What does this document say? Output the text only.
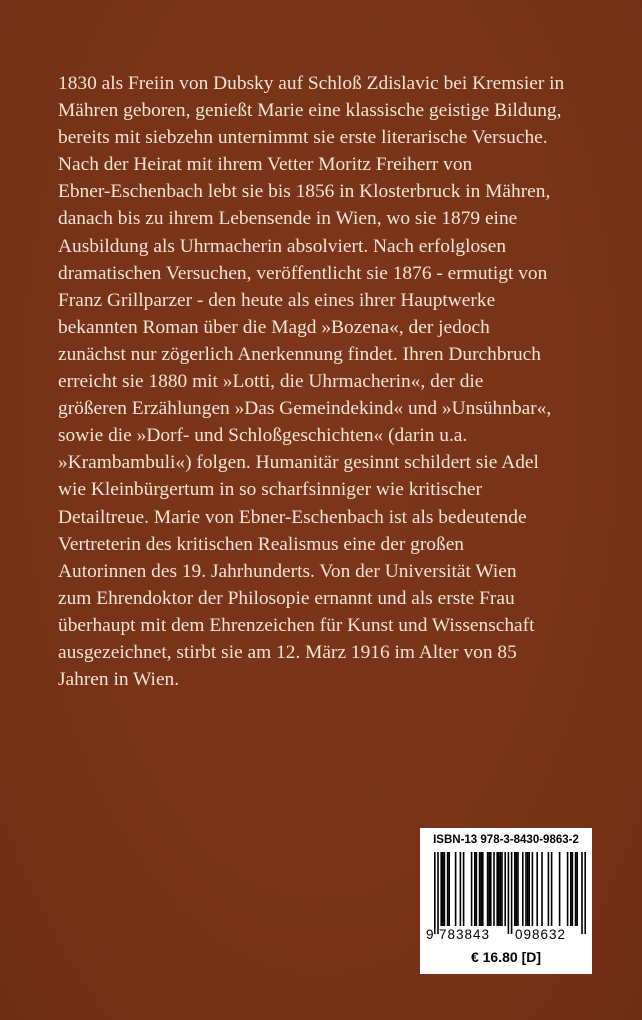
1830 als Freiin von Dubsky auf Schloß Zdislavic bei Kremsier in
Mähren geboren, genießt Marie eine klassische geistige Bildung,
bereits mit siebzehn unternimmt sie erste literarische Versuche.
Nach der Heirat mit ihrem Vetter Moritz Freiherr von
Ebner-Eschenbach lebt sie bis 1856 in Klosterbruck in Mähren,
danach bis zu ihrem Lebensende in Wien, wo sie 1879 eine
Ausbildung als Uhrmacherin absolviert. Nach erfolglosen
dramatischen Versuchen, veröffentlicht sie 1876 - ermutigt von
Franz Grillparzer - den heute als eines ihrer Hauptwerke
bekannten Roman über die Magd »Bozena«, der jedoch
zunächst nur zögerlich Anerkennung findet. Ihren Durchbruch
erreicht sie 1880 mit »Lotti, die Uhrmacherin«, der die
größeren Erzählungen »Das Gemeindekind« und »Unsühnbar«,
sowie die »Dorf- und Schloßgeschichten« (darin u.a.
»Krambambuli«) folgen. Humanitär gesinnt schildert sie Adel
wie Kleinbürgertum in so scharfsinniger wie kritischer
Detailtreue. Marie von Ebner-Eschenbach ist als bedeutende
Vertreterin des kritischen Realismus eine der großen
Autorinnen des 19. Jahrhunderts. Von der Universität Wien
zum Ehrendoktor der Philosopie ernannt und als erste Frau
überhaupt mit dem Ehrenzeichen für Kunst und Wissenschaft
ausgezeichnet, stirbt sie am 12. März 1916 im Alter von 85
Jahren in Wien.
ISBN-13 978-3-8430-9863-2
9 783843 098632
€ 16.80 [D]
